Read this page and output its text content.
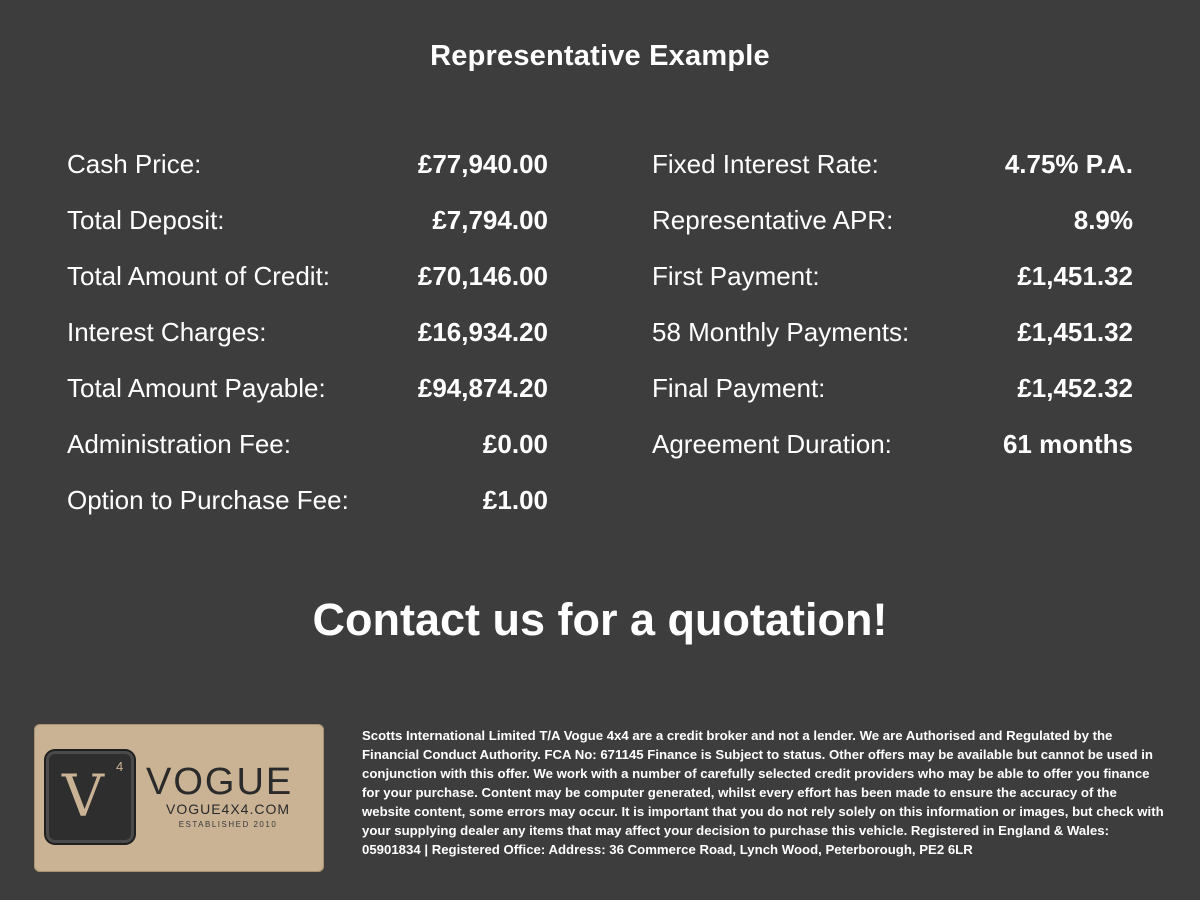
Representative Example
Cash Price:	£77,940.00
Total Deposit:	£7,794.00
Total Amount of Credit:	£70,146.00
Interest Charges:	£16,934.20
Total Amount Payable:	£94,874.20
Administration Fee:	£0.00
Option to Purchase Fee:	£1.00
Fixed Interest Rate:	4.75% P.A.
Representative APR:	8.9%
First Payment:	£1,451.32
58 Monthly Payments:	£1,451.32
Final Payment:	£1,452.32
Agreement Duration:	61 months
Contact us for a quotation!
V 4 VOGUE
VOGUE4X4.COM
ESTABLISHED 2010
Scotts International Limited T/A Vogue 4x4 are a credit broker and not a lender. We are Authorised and Regulated by the Financial Conduct Authority. FCA No: 671145 Finance is Subject to status. Other offers may be available but cannot be used in conjunction with this offer. We work with a number of carefully selected credit providers who may be able to offer you finance for your purchase. Content may be computer generated, whilst every effort has been made to ensure the accuracy of the website content, some errors may occur. It is important that you do not rely solely on this information or images, but check with your supplying dealer any items that may affect your decision to purchase this vehicle. Registered in England & Wales: 05901834 | Registered Office: Address: 36 Commerce Road, Lynch Wood, Peterborough, PE2 6LR
